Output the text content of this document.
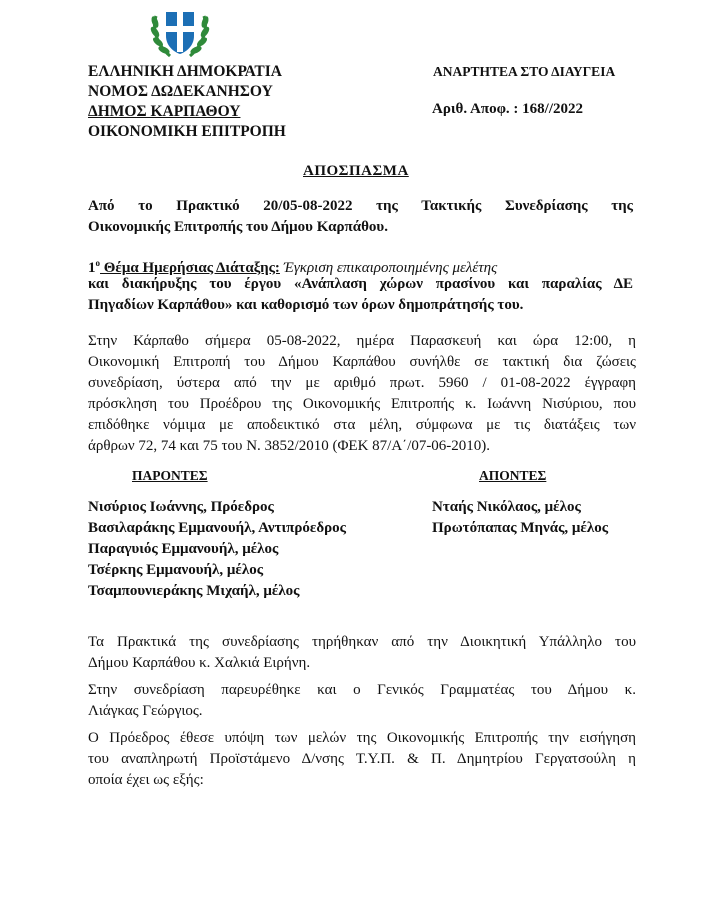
ΕΛΛΗΝΙΚΗ ΔΗΜΟΚΡΑΤΙΑ
ΝΟΜΟΣ ΔΩΔΕΚΑΝΗΣΟΥ
ΔΗΜΟΣ ΚΑΡΠΑΘΟΥ
ΟΙΚΟΝΟΜΙΚΗ ΕΠΙΤΡΟΠΗ
ΑΝΑΡΤΗΤΕΑ ΣΤΟ ΔΙΑΥΓΕΙΑ
Αριθ. Αποφ. : 168//2022
ΑΠΟΣΠΑΣΜΑ
Από το Πρακτικό 20/05-08-2022 της Τακτικής Συνεδρίασης της
Οικονομικής Επιτροπής του Δήμου Καρπάθου.
$1^o$ Θέμα Ημερήσιας Διάταξης: Έγκριση επικαιροποιημένης μελέτης
και διακήρυξης του έργου «Ανάπλαση χώρων πρασίνου και παραλίας ΔΕ
Πηγαδίων Καρπάθου» και καθορισμό των όρων δημοπράτησής του.
Στην Κάρπαθο σήμερα 05-08-2022, ημέρα Παρασκευή και ώρα 12:00, η
Οικονομική Επιτροπή του Δήμου Καρπάθου συνήλθε σε τακτική δια ζώσεις
συνεδρίαση, ύστερα από την με αριθμό πρωτ. 5960 / 01-08-2022 έγγραφη
πρόσκληση του Προέδρου της Οικονομικής Επιτροπής κ. Ιωάννη Νισύριου, που
επιδόθηκε νόμιμα με αποδεικτικό στα μέλη, σύμφωνα με τις διατάξεις των
άρθρων 72, 74 και 75 του Ν. 3852/2010 (ΦΕΚ 87/Α΄/07-06-2010).
ΠΑΡΟΝΤΕΣ
Νισύριος Ιωάννης, Πρόεδρος
Βασιλαράκης Εμμανουήλ, Αντιπρόεδρος
Παραγυιός Εμμανουήλ, μέλος
Τσέρκης Εμμανουήλ, μέλος
Τσαμπουνιεράκης Μιχαήλ, μέλος
ΑΠΟΝΤΕΣ
Νταής Νικόλαος, μέλος
Πρωτόπαπας Μηνάς, μέλος
Τα Πρακτικά της συνεδρίασης τηρήθηκαν από την Διοικητική Υπάλληλο του
Δήμου Καρπάθου κ. Χαλκιά Ειρήνη.
Στην συνεδρίαση παρευρέθηκε και ο Γενικός Γραμματέας του Δήμου κ.
Λιάγκας Γεώργιος.
Ο Πρόεδρος έθεσε υπόψη των μελών της Οικονομικής Επιτροπής την εισήγηση
του αναπληρωτή Προϊστάμενο Δ/νσης Τ.Υ.Π. & Π. Δημητρίου Γεργατσούλη η
οποία έχει ως εξής:
